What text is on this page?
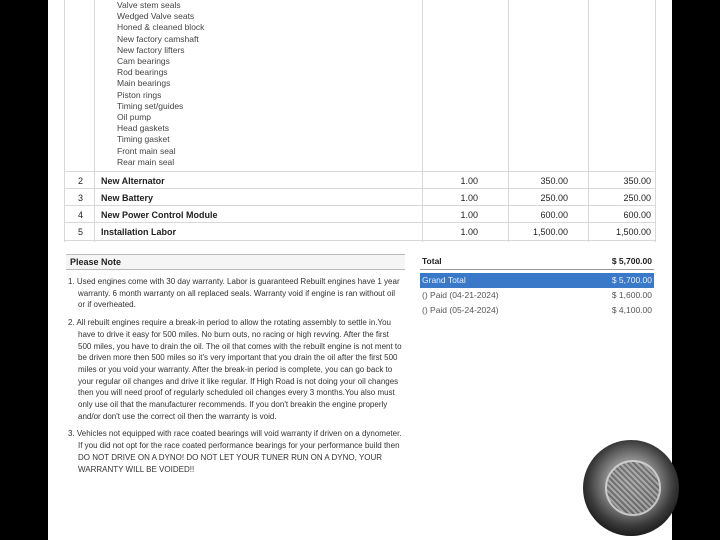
Valve stem seals
Wedged Valve seats
Honed & cleaned block
New factory camshaft
New factory lifters
Cam bearings
Rod bearings
Main bearings
Piston rings
Timing set/guides
Oil pump
Head gaskets
Timing gasket
Front main seal
Rear main seal
2	New Alternator	1.00	350.00	350.00
3	New Battery	1.00	250.00	250.00
4	New Power Control Module	1.00	600.00	600.00
5	Installation Labor	1.00	1,500.00	1,500.00
Please Note

1. Used engines come with 30 day warranty. Labor is guaranteed Rebuilt engines have 1 year warranty. 6 month warranty on all replaced seals. Warranty void if engine is ran without oil or if overheated.

2. All rebuilt engines require a break-in period to allow the rotating assembly to settle in.You have to drive it easy for 500 miles. No burn outs, no racing or high revving. After the first 500 miles, you have to drain the oil. The oil that comes with the rebuilt engine is not ment to be driven more then 500 miles so it's very important that you drain the oil after the first 500 miles or you void your warranty. After the break-in period is complete, you can go back to your regular oil changes and drive it like regular. If High Road is not doing your oil changes then you will need proof of regularly scheduled oil changes every 3 months.You also must only use oil that the manufacturer recommends. If you don't breakin the engine properly and/or don't use the correct oil then the warranty is void.

3. Vehicles not equipped with race coated bearings will void warranty if driven on a dynometer. If you did not opt for the race coated performance bearings for your performance build then DO NOT DRIVE ON A DYNO! DO NOT LET YOUR TUNER RUN ON A DYNO, YOUR WARRANTY WILL BE VOIDED!!

Total	$ 5,700.00
Grand Total	$ 5,700.00
() Paid (04-21-2024)	$ 1,600.00
() Paid (05-24-2024)	$ 4,100.00
